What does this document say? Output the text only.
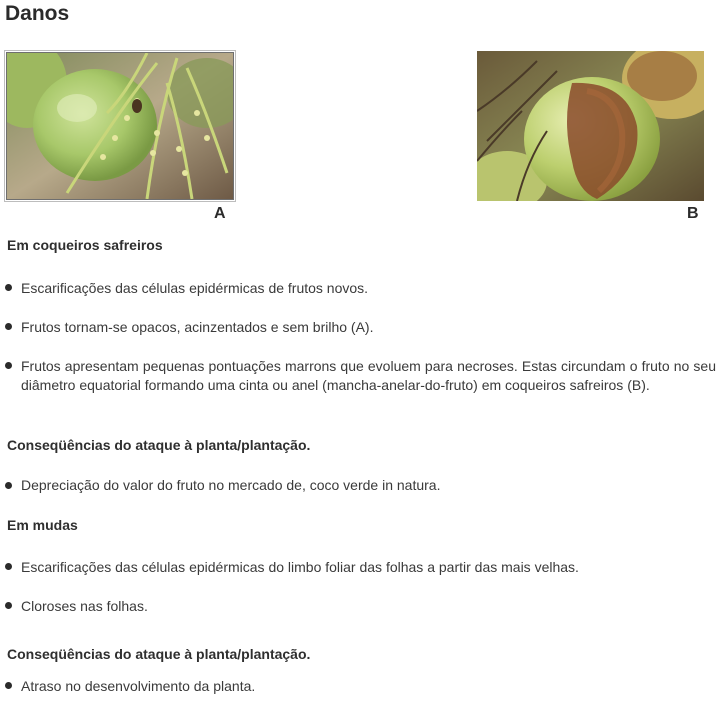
Danos
A	B
Em coqueiros safreiros
Escarificações das células epidérmicas de frutos novos.
Frutos tornam-se opacos, acinzentados e sem brilho (A).
Frutos apresentam pequenas pontuações marrons que evoluem para necroses. Estas circundam o fruto no seu diâmetro equatorial formando uma cinta ou anel (mancha-anelar-do-fruto) em coqueiros safreiros (B).
Conseqüências do ataque à planta/plantação.
Depreciação do valor do fruto no mercado de, coco verde in natura.
Em mudas
Escarificações das células epidérmicas do limbo foliar das folhas a partir das mais velhas.
Cloroses nas folhas.
Conseqüências do ataque à planta/plantação.
Atraso no desenvolvimento da planta.
